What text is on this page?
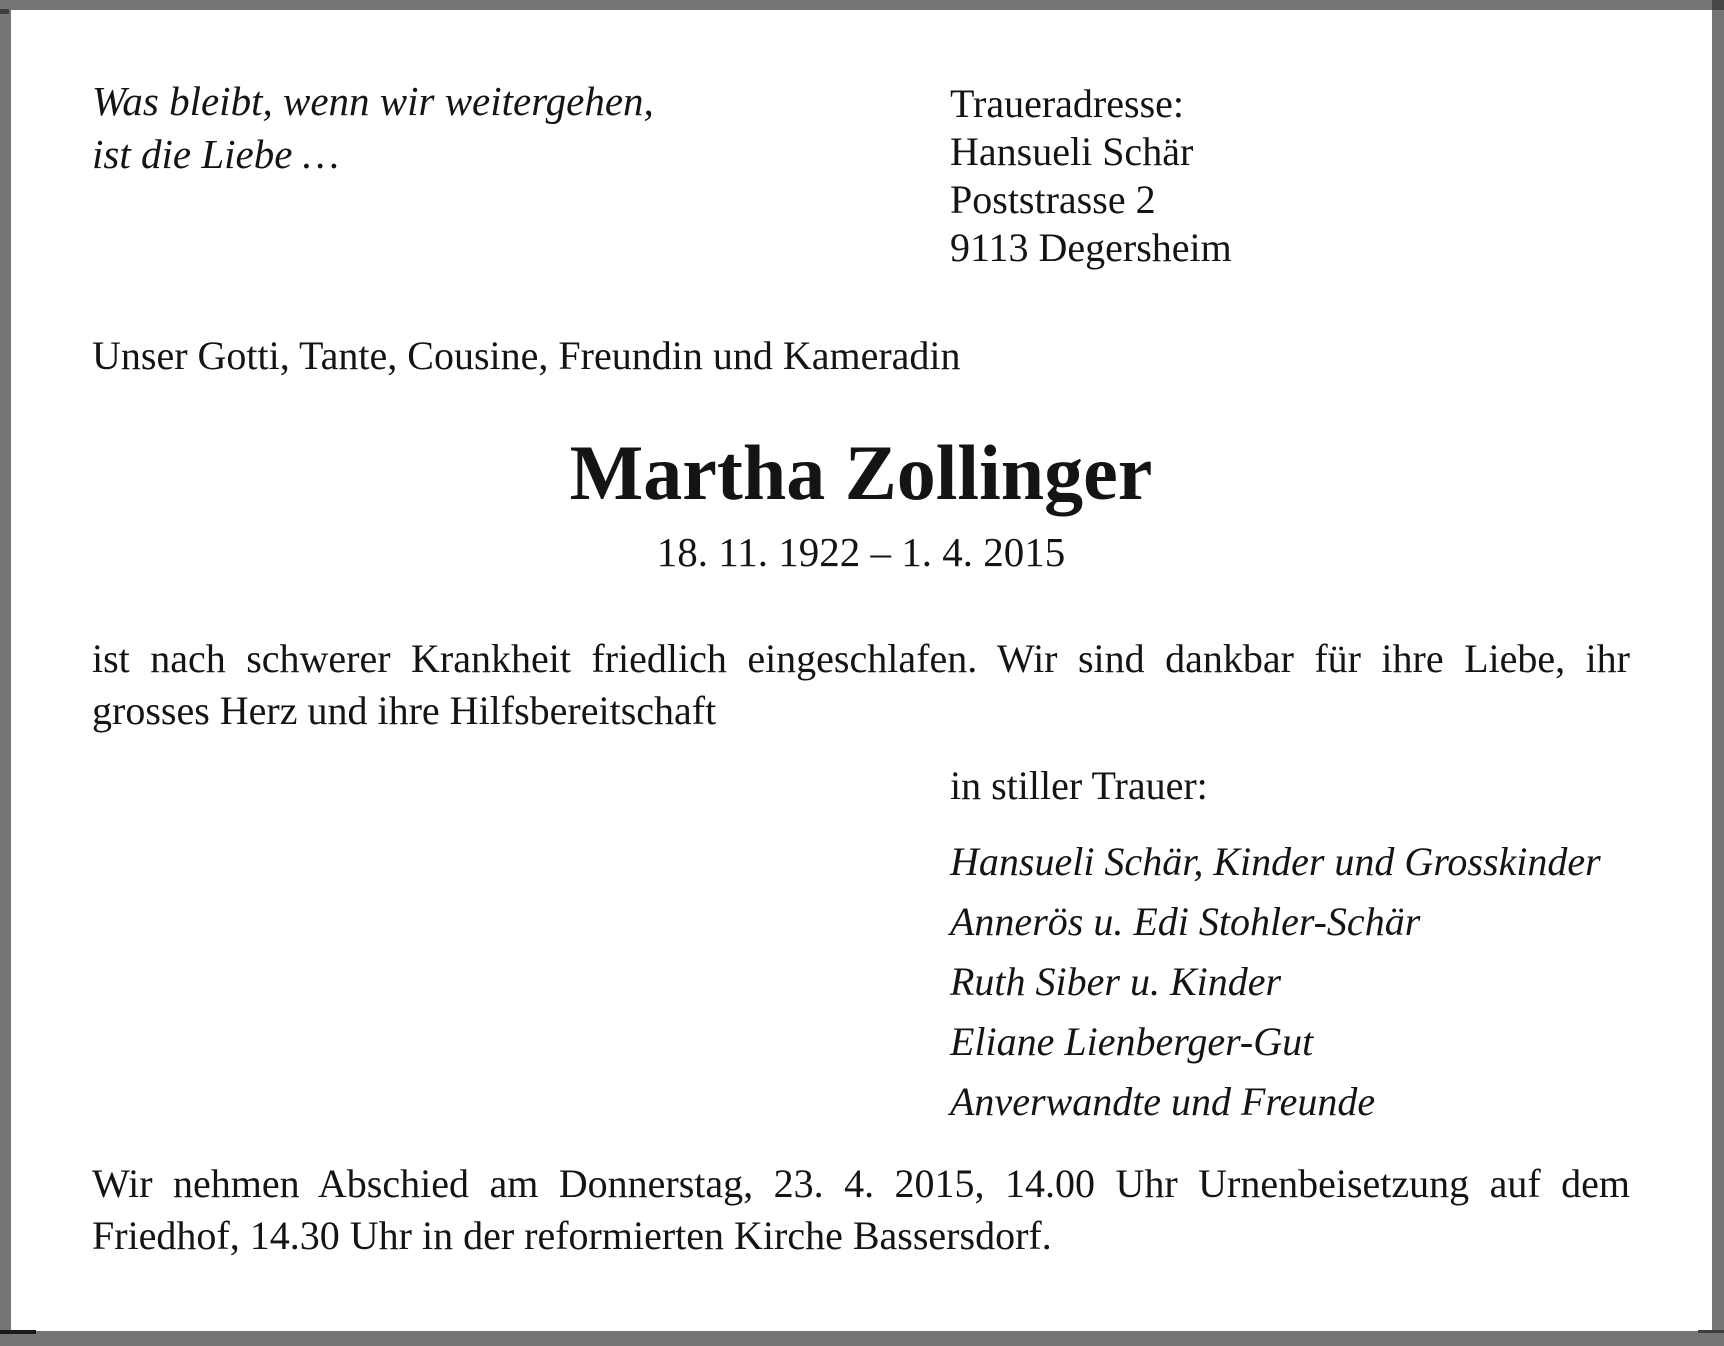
Was bleibt, wenn wir weitergehen,
ist die Liebe …
Traueradresse:
Hansueli Schär
Poststrasse 2
9113 Degersheim
Unser Gotti, Tante, Cousine, Freundin und Kameradin
Martha Zollinger
18. 11. 1922 – 1. 4. 2015
ist nach schwerer Krankheit friedlich eingeschlafen. Wir sind dankbar für ihre Liebe, ihr grosses Herz und ihre Hilfsbereitschaft
in stiller Trauer:
Hansueli Schär, Kinder und Grosskinder
Annerös u. Edi Stohler-Schär
Ruth Siber u. Kinder
Eliane Lienberger-Gut
Anverwandte und Freunde
Wir nehmen Abschied am Donnerstag, 23. 4. 2015, 14.00 Uhr Urnenbeisetzung auf dem Friedhof, 14.30 Uhr in der reformierten Kirche Bassersdorf.
